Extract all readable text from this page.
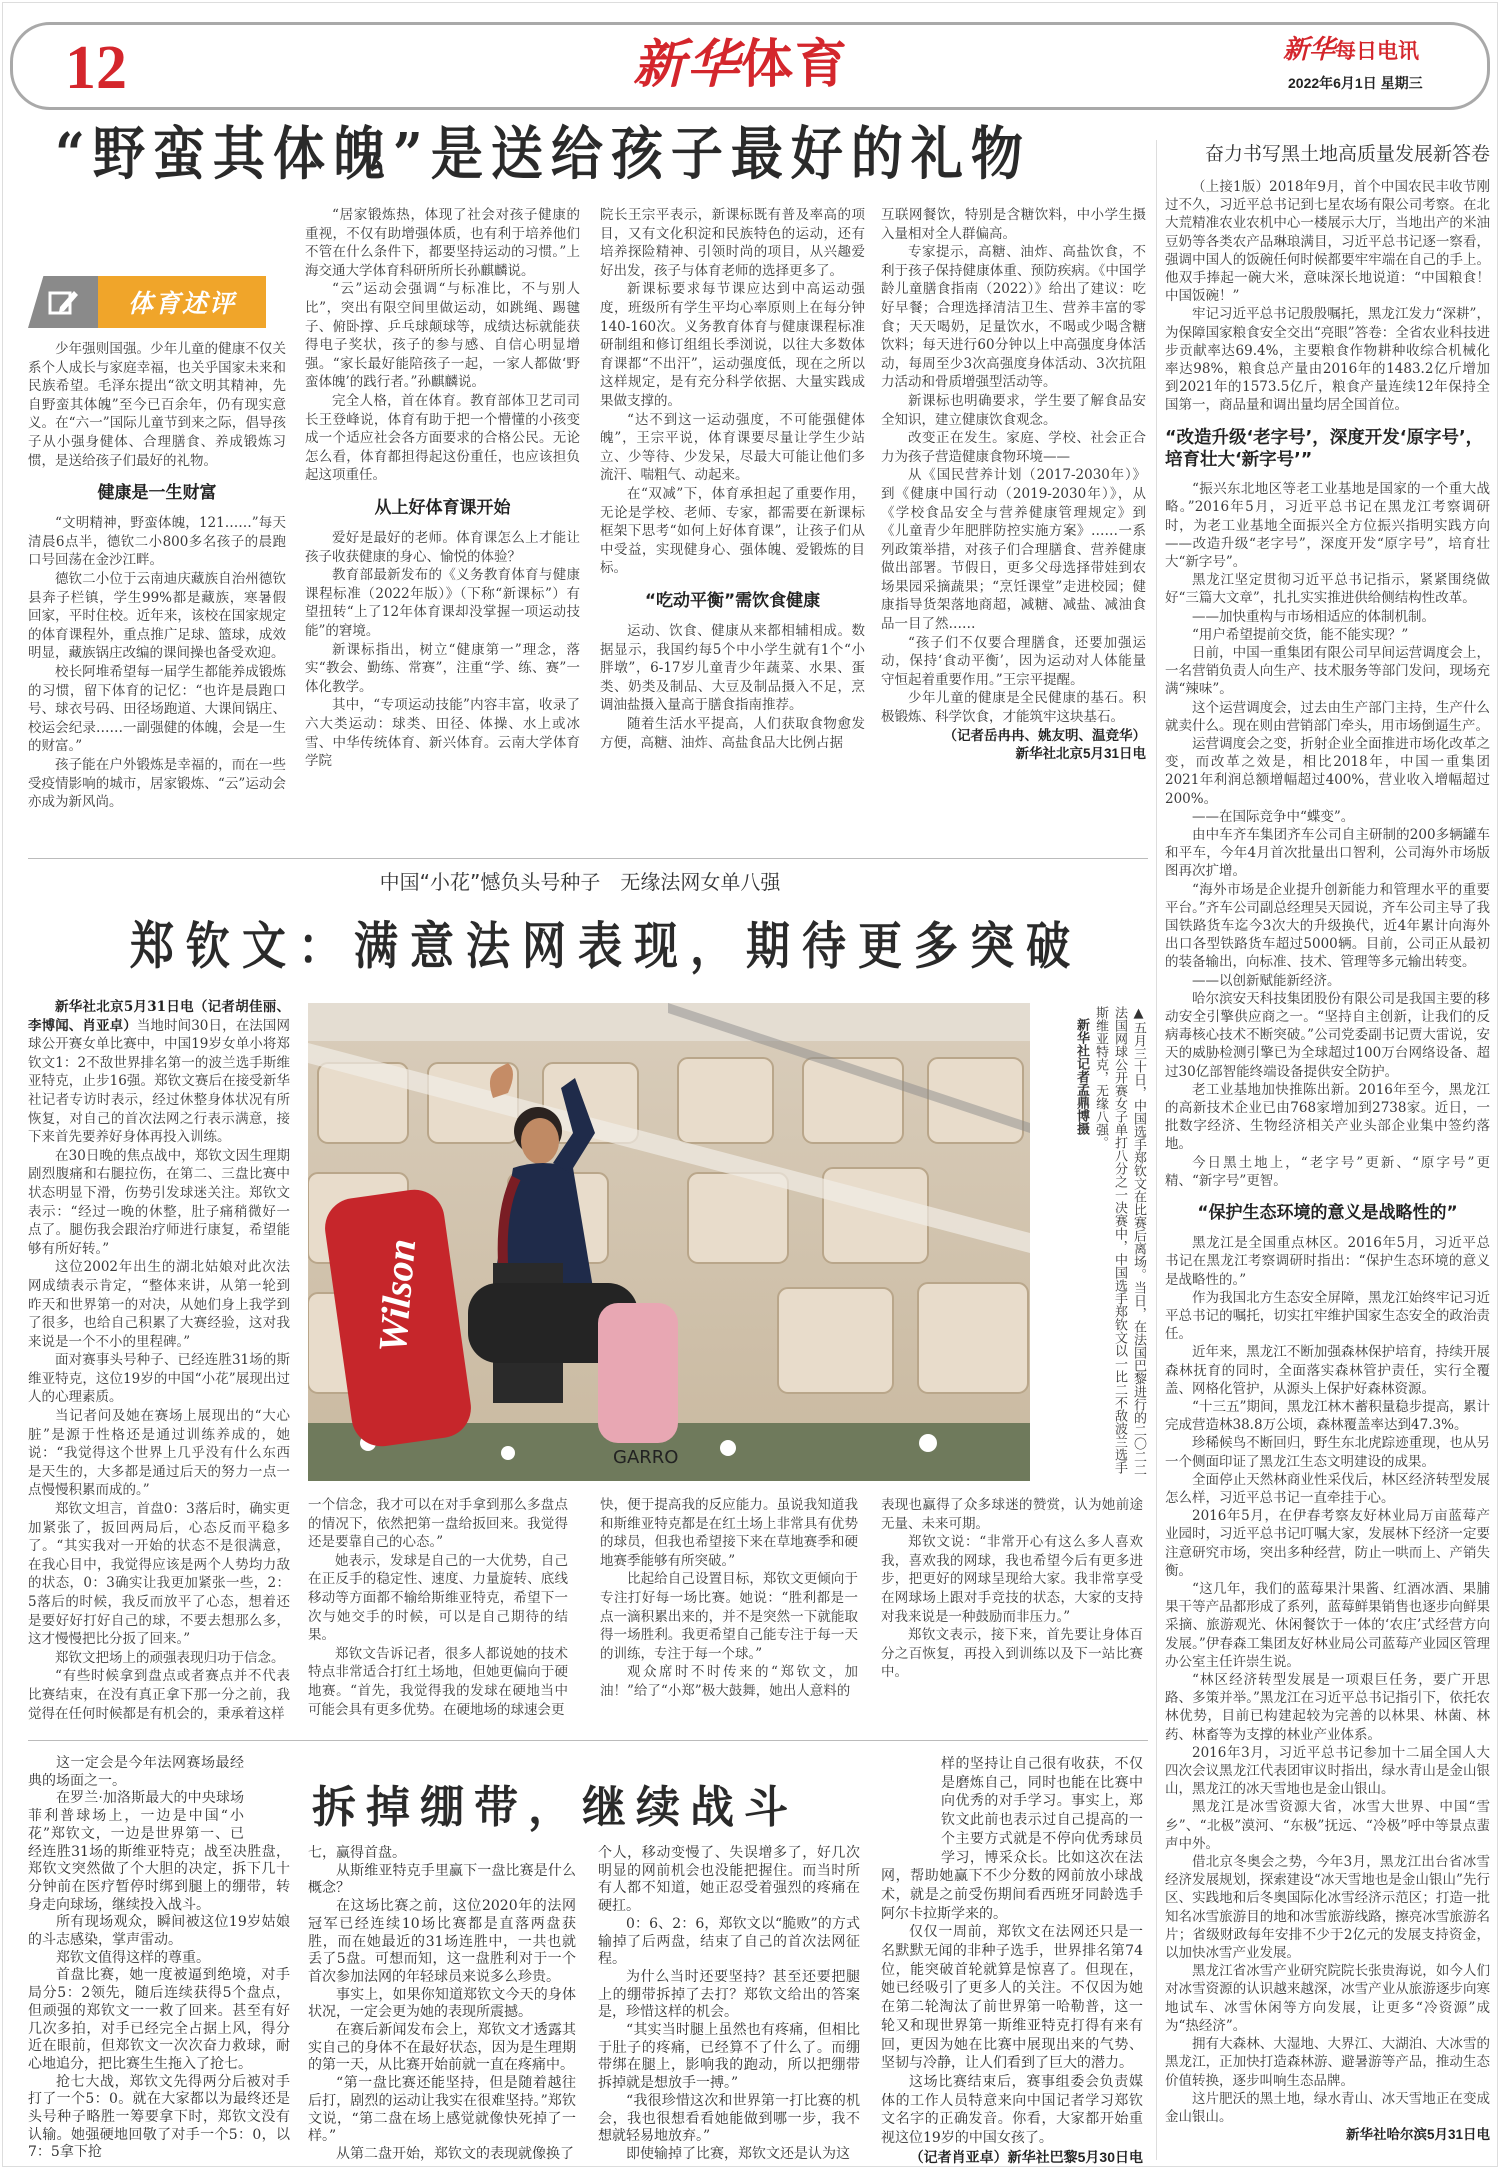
12	新华体育	新华每日电讯
2022年6月1日 星期三
“野蛮其体魄”是送给孩子最好的礼物
体育述评

少年强则国强。少年儿童的健康不仅关系个人成长与家庭幸福，也关乎国家未来和民族希望。毛泽东提出“欲文明其精神，先自野蛮其体魄”至今已百余年，仍有现实意义。在“六一”国际儿童节到来之际，倡导孩子从小强身健体、合理膳食、养成锻炼习惯，是送给孩子们最好的礼物。

健康是一生财富

“文明精神，野蛮体魄，121……”每天清晨6点半，德钦二小800多名孩子的晨跑口号回荡在金沙江畔。

德钦二小位于云南迪庆藏族自治州德钦县奔子栏镇，学生99%都是藏族，寒暑假回家，平时住校。近年来，该校在国家规定的体育课程外，重点推广足球、篮球，成效明显，藏族锅庄改编的课间操也备受欢迎。

校长阿堆希望每一届学生都能养成锻炼的习惯，留下体育的记忆：“也许是晨跑口号、球衣号码、田径场跑道、大课间锅庄、校运会纪录……一副强健的体魄，会是一生的财富。”

孩子能在户外锻炼是幸福的，而在一些受疫情影响的城市，居家锻炼、“云”运动会亦成为新风尚。

“居家锻炼热，体现了社会对孩子健康的重视，不仅有助增强体质，也有利于培养他们不管在什么条件下，都要坚持运动的习惯。”上海交通大学体育科研所所长孙麒麟说。

“云”运动会强调“与标准比，不与别人比”，突出有限空间里做运动，如跳绳、踢毽子、俯卧撑、乒乓球颠球等，成绩达标就能获得电子奖状，孩子的参与感、自信心明显增强。“家长最好能陪孩子一起，一家人都做‘野蛮体魄’的践行者。”孙麒麟说。

完全人格，首在体育。教育部体卫艺司司长王登峰说，体育有助于把一个懵懂的小孩变成一个适应社会各方面要求的合格公民。无论怎么看，体育都担得起这份重任，也应该担负起这项重任。

从上好体育课开始

爱好是最好的老师。体育课怎么上才能让孩子收获健康的身心、愉悦的体验？

教育部最新发布的《义务教育体育与健康课程标准（2022年版）》（下称“新课标”）有望扭转“上了12年体育课却没掌握一项运动技能”的窘境。

新课标指出，树立“健康第一”理念，落实“教会、勤练、常赛”，注重“学、练、赛”一体化教学。

其中，“专项运动技能”内容丰富，收录了六大类运动：球类、田径、体操、水上或冰雪、中华传统体育、新兴体育。云南大学体育学院

院长王宗平表示，新课标既有普及率高的项目，又有文化积淀和民族特色的运动，还有培养探险精神、引领时尚的项目，从兴趣爱好出发，孩子与体育老师的选择更多了。

新课标要求每节课应达到中高运动强度，班级所有学生平均心率原则上在每分钟140-160次。义务教育体育与健康课程标准研制组和修订组组长季浏说，以往大多数体育课都“不出汗”，运动强度低，现在之所以这样规定，是有充分科学依据、大量实践成果做支撑的。

“达不到这一运动强度，不可能强健体魄”，王宗平说，体育课要尽量让学生少站立、少等待、少发呆，尽最大可能让他们多流汗、喘粗气、动起来。

在“双减”下，体育承担起了重要作用，无论是学校、老师、专家，都需要在新课标框架下思考“如何上好体育课”，让孩子们从中受益，实现健身心、强体魄、爱锻炼的目标。

“吃动平衡”需饮食健康

运动、饮食、健康从来都相辅相成。数据显示，我国约每5个中小学生就有1个“小胖墩”，6-17岁儿童青少年蔬菜、水果、蛋类、奶类及制品、大豆及制品摄入不足，烹调油盐摄入量高于膳食指南推荐。

随着生活水平提高，人们获取食物愈发方便，高糖、油炸、高盐食品大比例占据

互联网餐饮，特别是含糖饮料，中小学生摄入量相对全人群偏高。

专家提示，高糖、油炸、高盐饮食，不利于孩子保持健康体重、预防疾病。《中国学龄儿童膳食指南（2022）》给出了建议：吃好早餐；合理选择清洁卫生、营养丰富的零食；天天喝奶，足量饮水，不喝或少喝含糖饮料；每天进行60分钟以上中高强度身体活动，每周至少3次高强度身体活动、3次抗阻力活动和骨质增强型活动等。

新课标也明确要求，学生要了解食品安全知识，建立健康饮食观念。

改变正在发生。家庭、学校、社会正合力为孩子营造健康食物环境——

从《国民营养计划（2017-2030年）》到《健康中国行动（2019-2030年）》，从《学校食品安全与营养健康管理规定》到《儿童青少年肥胖防控实施方案》……一系列政策举措，对孩子们合理膳食、营养健康做出部署。节假日，更多父母选择带娃到农场果园采摘蔬果；“烹饪课堂”走进校园；健康指导货架落地商超，减糖、减盐、减油食品一目了然……

“孩子们不仅要合理膳食，还要加强运动，保持‘食动平衡’，因为运动对人体能量守恒起着重要作用。”王宗平提醒。

少年儿童的健康是全民健康的基石。积极锻炼、科学饮食，才能筑牢这块基石。

（记者岳冉冉、姚友明、温竞华）

新华社北京5月31日电

奋力书写黑土地高质量发展新答卷

（上接1版）2018年9月，首个中国农民丰收节刚过不久，习近平总书记到七星农场有限公司考察。在北大荒精准农业农机中心一楼展示大厅，当地出产的米油豆奶等各类农产品琳琅满目，习近平总书记逐一察看，强调中国人的饭碗任何时候都要牢牢端在自己的手上。他双手捧起一碗大米，意味深长地说道：“中国粮食！中国饭碗！”

牢记习近平总书记殷殷嘱托，黑龙江发力“深耕”，为保障国家粮食安全交出“亮眼”答卷：全省农业科技进步贡献率达69.4%，主要粮食作物耕种收综合机械化率达98%，粮食总产量由2016年的1483.2亿斤增加到2021年的1573.5亿斤，粮食产量连续12年保持全国第一，商品量和调出量均居全国首位。

“改造升级‘老字号’，深度开发‘原字号’，培育壮大‘新字号’”

“振兴东北地区等老工业基地是国家的一个重大战略。”2016年5月，习近平总书记在黑龙江考察调研时，为老工业基地全面振兴全方位振兴指明实践方向——改造升级“老字号”，深度开发“原字号”，培育壮大“新字号”。

黑龙江坚定贯彻习近平总书记指示，紧紧围绕做好“三篇大文章”，扎扎实实推进供给侧结构性改革。

——加快重构与市场相适应的体制机制。

“用户希望提前交货，能不能实现？”

日前，中国一重集团有限公司早间运营调度会上，一名营销负责人向生产、技术服务等部门发问，现场充满“辣味”。

这个运营调度会，过去由生产部门主持，生产什么就卖什么。现在则由营销部门牵头，用市场倒逼生产。

运营调度会之变，折射企业全面推进市场化改革之变，而改革之效是，相比2018年，中国一重集团2021年利润总额增幅超过400%，营业收入增幅超过200%。

——在国际竞争中“蝶变”。

由中车齐车集团齐车公司自主研制的200多辆罐车和平车，今年4月首次批量出口智利，公司海外市场版图再次扩增。

“海外市场是企业提升创新能力和管理水平的重要平台。”齐车公司副总经理吴天园说，齐车公司主导了我国铁路货车迄今3次大的升级换代，近4年累计向海外出口各型铁路货车超过5000辆。目前，公司正从最初的装备输出，向标准、技术、管理等多元输出转变。

——以创新赋能新经济。

哈尔滨安天科技集团股份有限公司是我国主要的移动安全引擎供应商之一。“坚持自主创新，让我们的反病毒核心技术不断突破。”公司党委副书记贾大雷说，安天的威胁检测引擎已为全球超过100万台网络设备、超过30亿部智能终端设备提供安全防护。

老工业基地加快推陈出新。2016年至今，黑龙江的高新技术企业已由768家增加到2738家。近日，一批数字经济、生物经济相关产业头部企业集中签约落地。

今日黑土地上，“老字号”更新、“原字号”更精、“新字号”更智。

“保护生态环境的意义是战略性的”

黑龙江是全国重点林区。2016年5月，习近平总书记在黑龙江考察调研时指出：“保护生态环境的意义是战略性的。”

作为我国北方生态安全屏障，黑龙江始终牢记习近平总书记的嘱托，切实扛牢维护国家生态安全的政治责任。

近年来，黑龙江不断加强森林保护培育，持续开展森林抚育的同时，全面落实森林管护责任，实行全覆盖、网格化管护，从源头上保护好森林资源。

“十三五”期间，黑龙江林木蓄积量稳步提高，累计完成营造林38.8万公顷，森林覆盖率达到47.3%。

珍稀候鸟不断回归，野生东北虎踪迹重现，也从另一个侧面印证了黑龙江生态文明建设的成果。

全面停止天然林商业性采伐后，林区经济转型发展怎么样，习近平总书记一直牵挂于心。

2016年5月，在伊春考察友好林业局万亩蓝莓产业园时，习近平总书记叮嘱大家，发展林下经济一定要注意研究市场，突出多种经营，防止一哄而上、产销失衡。

“这几年，我们的蓝莓果汁果酱、红酒冰酒、果脯果干等产品都形成了系列，蓝莓鲜果销售也逐步向鲜果采摘、旅游观光、休闲餐饮于一体的‘农庄’式经营方向发展。”伊春森工集团友好林业局公司蓝莓产业园区管理办公室主任许崇生说。

“林区经济转型发展是一项艰巨任务，要广开思路、多策并举。”黑龙江在习近平总书记指引下，依托农林优势，目前已构建起较为完善的以林果、林菌、林药、林畜等为支撑的林业产业体系。

2016年3月，习近平总书记参加十二届全国人大四次会议黑龙江代表团审议时指出，绿水青山是金山银山，黑龙江的冰天雪地也是金山银山。

黑龙江是冰雪资源大省，冰雪大世界、中国“雪乡”、“北极”漠河、“东极”抚远、“冷极”呼中等景点蜚声中外。

借北京冬奥会之势，今年3月，黑龙江出台省冰雪经济发展规划，探索建设“冰天雪地也是金山银山”先行区、实践地和后冬奥国际化冰雪经济示范区；打造一批知名冰雪旅游目的地和冰雪旅游线路，擦亮冰雪旅游名片；省级财政每年安排不少于2亿元的发展支持资金，以加快冰雪产业发展。

黑龙江省冰雪产业研究院院长张贵海说，如今人们对冰雪资源的认识越来越深，冰雪产业从旅游逐步向寒地试车、冰雪休闲等方向发展，让更多“冷资源”成为“热经济”。

拥有大森林、大湿地、大界江、大湖泊、大冰雪的黑龙江，正加快打造森林游、避暑游等产品，推动生态价值转换，逐步叫响生态品牌。

这片肥沃的黑土地，绿水青山、冰天雪地正在变成金山银山。

新华社哈尔滨5月31日电

中国“小花”憾负头号种子　无缘法网女单八强
郑钦文：满意法网表现，期待更多突破

新华社北京5月31日电（记者胡佳丽、李博闻、肖亚卓）当地时间30日，在法国网球公开赛女单比赛中，中国19岁女单小将郑钦文1：2不敌世界排名第一的波兰选手斯维亚特克，止步16强。郑钦文赛后在接受新华社记者专访时表示，经过休整身体状况有所恢复，对自己的首次法网之行表示满意，接下来首先要养好身体再投入训练。

在30日晚的焦点战中，郑钦文因生理期剧烈腹痛和右腿拉伤，在第二、三盘比赛中状态明显下滑，伤势引发球迷关注。郑钦文表示：“经过一晚的休整，肚子痛稍微好一点了。腿伤我会跟治疗师进行康复，希望能够有所好转。”

这位2002年出生的湖北姑娘对此次法网成绩表示肯定，“整体来讲，从第一轮到昨天和世界第一的对决，从她们身上我学到了很多，也给自己积累了大赛经验，这对我来说是一个不小的里程碑。”

面对赛事头号种子、已经连胜31场的斯维亚特克，这位19岁的中国“小花”展现出过人的心理素质。

当记者问及她在赛场上展现出的“大心脏”是源于性格还是通过训练养成的，她说：“我觉得这个世界上几乎没有什么东西是天生的，大多都是通过后天的努力一点一点慢慢积累而成的。”

郑钦文坦言，首盘0：3落后时，确实更加紧张了，扳回两局后，心态反而平稳多了。“其实我对一开始的状态不是很满意，在我心目中，我觉得应该是两个人势均力敌的状态，0：3确实让我更加紧张一些，2：5落后的时候，我反而放平了心态，想着还是要好好打好自己的球，不要去想那么多，这才慢慢把比分扳了回来。”

郑钦文把场上的顽强表现归功于信念。

“有些时候拿到盘点或者赛点并不代表比赛结束，在没有真正拿下那一分之前，我觉得在任何时候都是有机会的，秉承着这样

Wilson
GARRO	▲五月三十日，中国选手郑钦文在比赛后离场。当日，在法国巴黎进行的二〇二二法国网球公开赛女子单打八分之一决赛中，中国选手郑钦文以一比二不敌波兰选手斯维亚特克，无缘八强。
新华社记者孟鼎博摄

一个信念，我才可以在对手拿到那么多盘点的情况下，依然把第一盘给扳回来。我觉得还是要靠自己的心态。”

她表示，发球是自己的一大优势，自己在正反手的稳定性、速度、力量旋转、底线移动等方面都不输给斯维亚特克，希望下一次与她交手的时候，可以是自己期待的结果。

郑钦文告诉记者，很多人都说她的技术特点非常适合打红土场地，但她更偏向于硬地赛。“首先，我觉得我的发球在硬地当中可能会具有更多优势。在硬地场的球速会更

快，便于提高我的反应能力。虽说我知道我和斯维亚特克都是在红土场上非常具有优势的球员，但我也希望接下来在草地赛季和硬地赛季能够有所突破。”

比起给自己设置目标，郑钦文更倾向于专注打好每一场比赛。她说：“胜利都是一点一滴积累出来的，并不是突然一下就能取得一场胜利。我更希望自己能专注于每一天的训练，专注于每一个球。”

观众席时不时传来的“郑钦文，加油！”给了“小郑”极大鼓舞，她出人意料的

表现也赢得了众多球迷的赞赏，认为她前途无量、未来可期。

郑钦文说：“非常开心有这么多人喜欢我，喜欢我的网球，我也希望今后有更多进步，把更好的网球呈现给大家。我非常享受在网球场上跟对手竞技的状态，大家的支持对我来说是一种鼓励而非压力。”

郑钦文表示，接下来，首先要让身体百分之百恢复，再投入到训练以及下一站比赛中。

拆掉绷带，继续战斗

这一定会是今年法网赛场最经典的场面之一。

在罗兰·加洛斯最大的中央球场菲利普球场上，一边是中国“小花”郑钦文，一边是世界第一、已经连胜31场的斯维亚特克；战至决胜盘，郑钦文突然做了个大胆的决定，拆下几十分钟前在医疗暂停时绑到腿上的绷带，转身走向球场，继续投入战斗。

所有现场观众，瞬间被这位19岁姑娘的斗志感染，掌声雷动。

郑钦文值得这样的尊重。

首盘比赛，她一度被逼到绝境，对手局分5：2领先，随后连续获得5个盘点，但顽强的郑钦文一一救了回来。甚至有好几次多拍，对手已经完全占据上风，得分近在眼前，但郑钦文一次次奋力救球，耐心地追分，把比赛生生拖入了抢七。

抢七大战，郑钦文先得两分后被对手打了一个5：0。就在大家都以为最终还是头号种子略胜一筹要拿下时，郑钦文没有认输。她强硬地回敬了对手一个5：0，以7：5拿下抢

七，赢得首盘。

从斯维亚特克手里赢下一盘比赛是什么概念？

在这场比赛之前，这位2020年的法网冠军已经连续10场比赛都是直落两盘获胜，而在她最近的31场连胜中，一共也就丢了5盘。可想而知，这一盘胜利对于一个首次参加法网的年轻球员来说多么珍贵。

事实上，如果你知道郑钦文今天的身体状况，一定会更为她的表现所震撼。

在赛后新闻发布会上，郑钦文才透露其实自己的身体不在最好状态，因为是生理期的第一天，从比赛开始前就一直在疼痛中。

“第一盘比赛还能坚持，但是随着越往后打，剧烈的运动让我实在很难坚持。”郑钦文说，“第二盘在场上感觉就像快死掉了一样。”

从第二盘开始，郑钦文的表现就像换了

个人，移动变慢了、失误增多了，好几次明显的网前机会也没能把握住。而当时所有人都不知道，她正忍受着强烈的疼痛在硬扛。

0：6、2：6，郑钦文以“脆败”的方式输掉了后两盘，结束了自己的首次法网征程。

为什么当时还要坚持？甚至还要把腿上的绷带拆掉了去打？郑钦文给出的答案是，珍惜这样的机会。

“其实当时腿上虽然也有疼痛，但相比于肚子的疼痛，已经算不了什么了。而绷带绑在腿上，影响我的跑动，所以把绷带拆掉就是想放手一搏。”

“我很珍惜这次和世界第一打比赛的机会，我也很想看看她能做到哪一步，我不想就轻易地放弃。”

即使输掉了比赛，郑钦文还是认为这

样的坚持让自己很有收获，不仅是磨炼自己，同时也能在比赛中向优秀的对手学习。事实上，郑钦文此前也表示过自己提高的一个主要方式就是不停向优秀球员学习，博采众长。比如这次在法网，帮助她赢下不少分数的网前放小球战术，就是之前受伤期间看西班牙同龄选手阿尔卡拉斯学来的。

仅仅一周前，郑钦文在法网还只是一名默默无闻的非种子选手，世界排名第74位，能突破首轮就算是惊喜了。但现在，她已经吸引了更多人的关注。不仅因为她在第二轮淘汰了前世界第一哈勒普，这一轮又和现世界第一斯维亚特克打得有来有回，更因为她在比赛中展现出来的气势、坚韧与冷静，让人们看到了巨大的潜力。

这场比赛结束后，赛事组委会负责媒体的工作人员特意来向中国记者学习郑钦文名字的正确发音。你看，大家都开始重视这位19岁的中国女孩了。

（记者肖亚卓）新华社巴黎5月30日电
